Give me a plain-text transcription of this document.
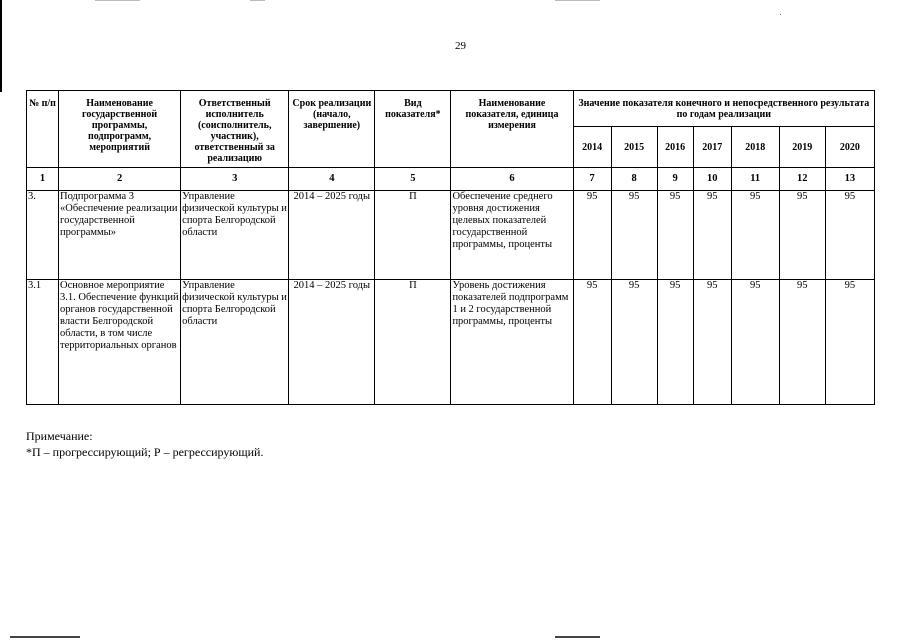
29
№ п/п	Наименование государственной программы, подпрограмм, мероприятий	Ответственный исполнитель (соисполнитель, участник), ответственный за реализацию	Срок реализации (начало, завершение)	Вид показателя*	Наименование показателя, единица измерения	Значение показателя конечного и непосредственного результата по годам реализации						
						2014	2015	2016	2017	2018	2019	2020
1	2	3	4	5	6	7	8	9	10	11	12	13
3.	Подпрограмма 3 «Обеспечение реализации государственной программы»	Управление физической культуры и спорта Белгородской области	2014 – 2025 годы	П	Обеспечение среднего уровня достижения целевых показателей государственной программы, проценты	95	95	95	95	95	95	95
3.1	Основное мероприятие 3.1. Обеспечение функций органов государственной власти Белгородской области, в том числе территориальных органов	Управление физической культуры и спорта Белгородской области	2014 – 2025 годы	П	Уровень достижения показателей подпрограмм 1 и 2 государственной программы, проценты	95	95	95	95	95	95	95
Примечание:
*П – прогрессирующий; Р – регрессирующий.
